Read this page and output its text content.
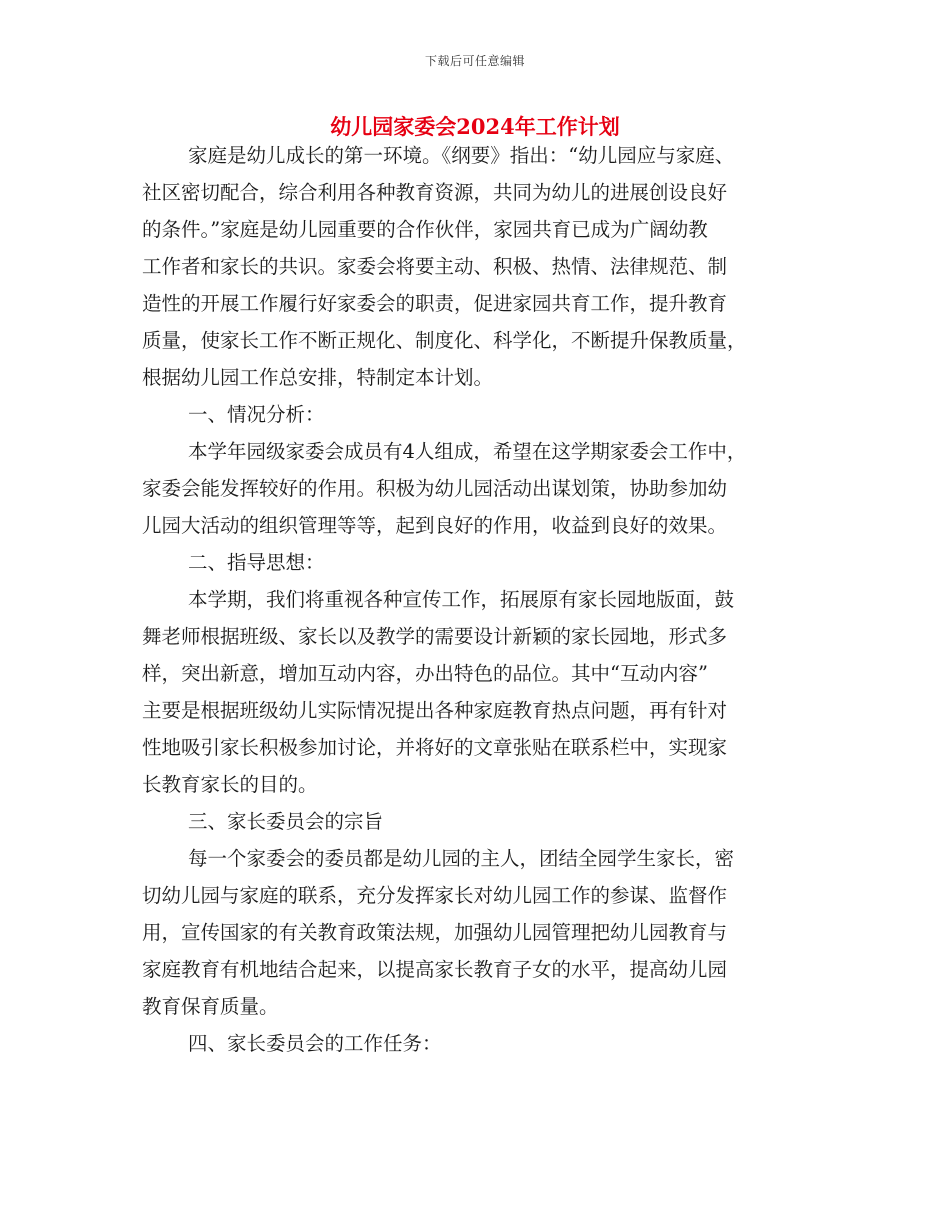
下载后可任意编辑
幼儿园家委会2024年工作计划
家庭是幼儿成长的第一环境。《纲要》指出：“幼儿园应与家庭、
社区密切配合，综合利用各种教育资源，共同为幼儿的进展创设良好
的条件。”家庭是幼儿园重要的合作伙伴，家园共育已成为广阔幼教
工作者和家长的共识。家委会将要主动、积极、热情、法律规范、制
造性的开展工作履行好家委会的职责，促进家园共育工作，提升教育
质量，使家长工作不断正规化、制度化、科学化，不断提升保教质量，
根据幼儿园工作总安排，特制定本计划。
一、情况分析：
本学年园级家委会成员有4人组成，希望在这学期家委会工作中，
家委会能发挥较好的作用。积极为幼儿园活动出谋划策，协助参加幼
儿园大活动的组织管理等等，起到良好的作用，收益到良好的效果。
二、指导思想：
本学期，我们将重视各种宣传工作，拓展原有家长园地版面，鼓
舞老师根据班级、家长以及教学的需要设计新颖的家长园地，形式多
样，突出新意，增加互动内容，办出特色的品位。其中“互动内容”
主要是根据班级幼儿实际情况提出各种家庭教育热点问题，再有针对
性地吸引家长积极参加讨论，并将好的文章张贴在联系栏中，实现家
长教育家长的目的。
三、家长委员会的宗旨
每一个家委会的委员都是幼儿园的主人，团结全园学生家长，密
切幼儿园与家庭的联系，充分发挥家长对幼儿园工作的参谋、监督作
用，宣传国家的有关教育政策法规，加强幼儿园管理把幼儿园教育与
家庭教育有机地结合起来，以提高家长教育子女的水平，提高幼儿园
教育保育质量。
四、家长委员会的工作任务：
